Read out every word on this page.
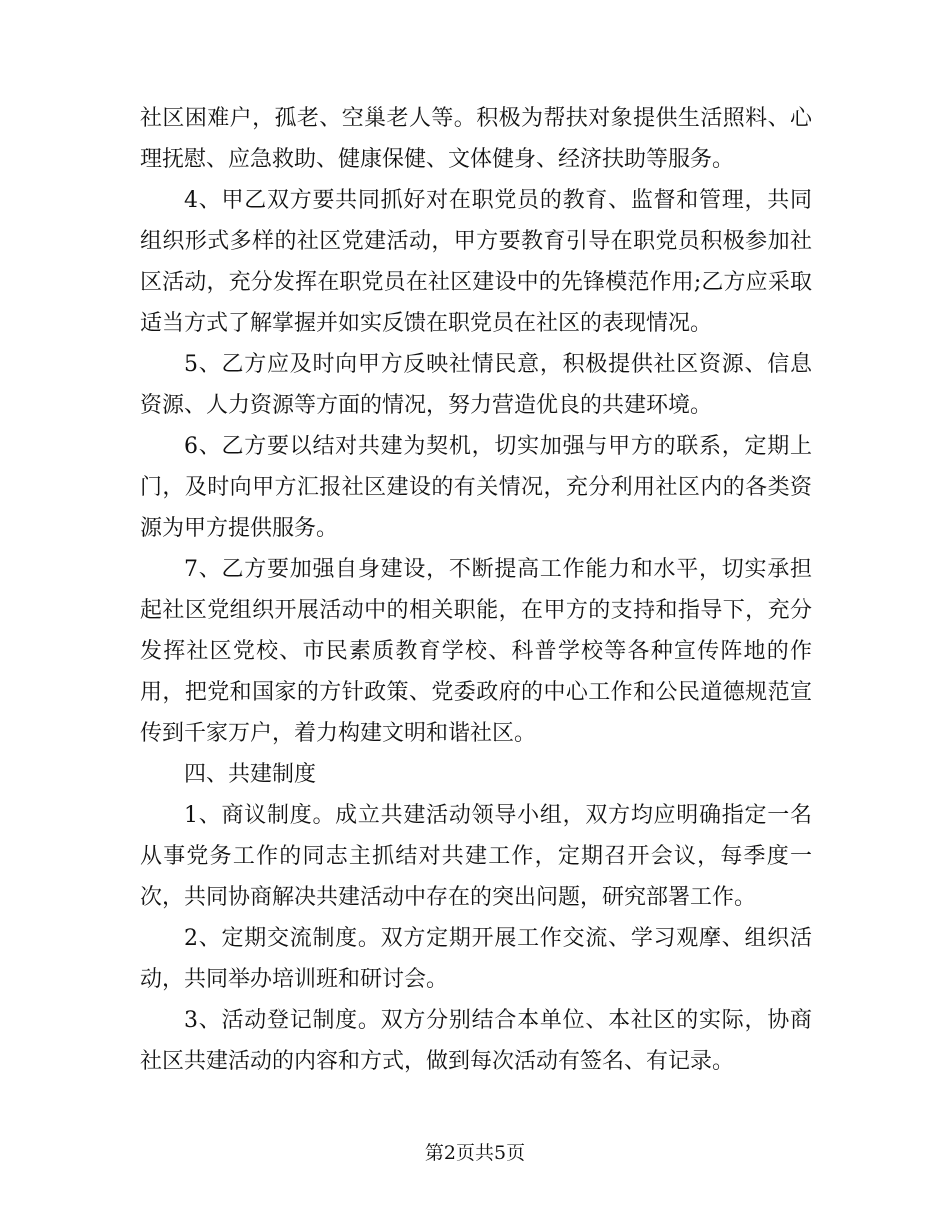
社区困难户，孤老、空巢老人等。积极为帮扶对象提供生活照料、心理抚慰、应急救助、健康保健、文体健身、经济扶助等服务。

4、甲乙双方要共同抓好对在职党员的教育、监督和管理，共同组织形式多样的社区党建活动，甲方要教育引导在职党员积极参加社区活动，充分发挥在职党员在社区建设中的先锋模范作用;乙方应采取适当方式了解掌握并如实反馈在职党员在社区的表现情况。

5、乙方应及时向甲方反映社情民意，积极提供社区资源、信息资源、人力资源等方面的情况，努力营造优良的共建环境。

6、乙方要以结对共建为契机，切实加强与甲方的联系，定期上门，及时向甲方汇报社区建设的有关情况，充分利用社区内的各类资源为甲方提供服务。

7、乙方要加强自身建设，不断提高工作能力和水平，切实承担起社区党组织开展活动中的相关职能，在甲方的支持和指导下，充分发挥社区党校、市民素质教育学校、科普学校等各种宣传阵地的作用，把党和国家的方针政策、党委政府的中心工作和公民道德规范宣传到千家万户，着力构建文明和谐社区。

四、共建制度

1、商议制度。成立共建活动领导小组，双方均应明确指定一名从事党务工作的同志主抓结对共建工作，定期召开会议，每季度一次，共同协商解决共建活动中存在的突出问题，研究部署工作。

2、定期交流制度。双方定期开展工作交流、学习观摩、组织活动，共同举办培训班和研讨会。

3、活动登记制度。双方分别结合本单位、本社区的实际，协商社区共建活动的内容和方式，做到每次活动有签名、有记录。

第2页共5页
